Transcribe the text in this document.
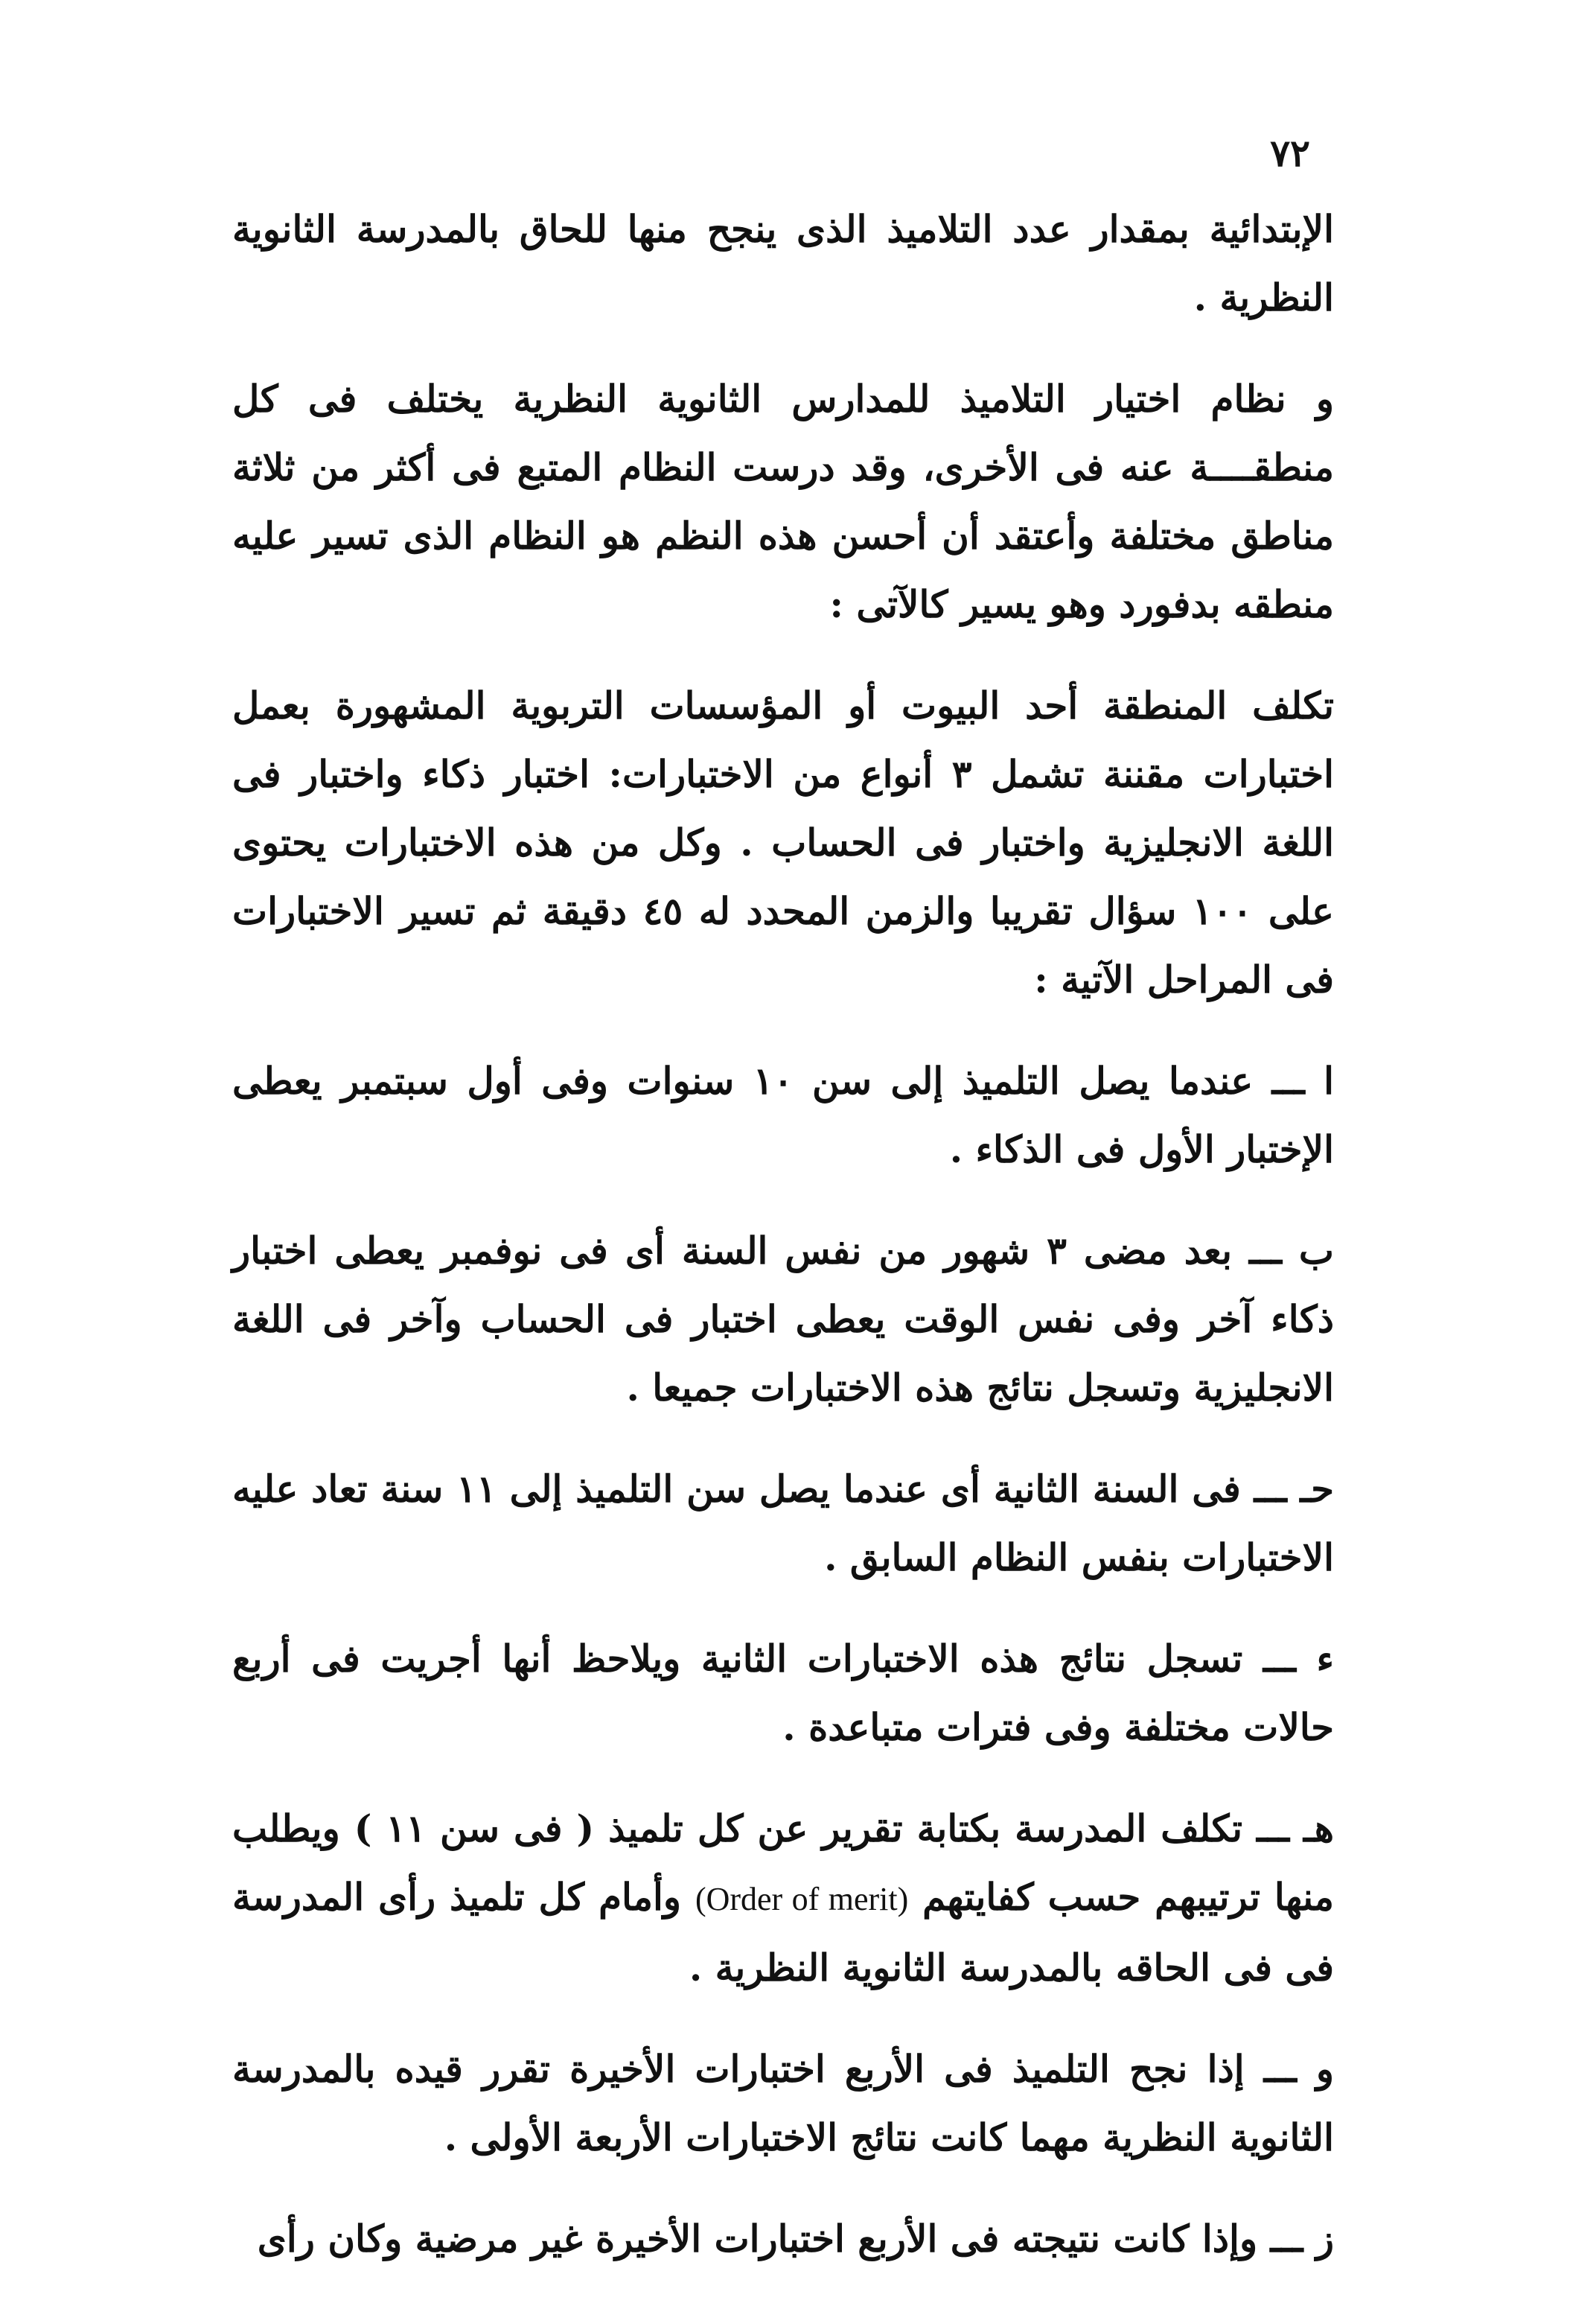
٧٢

الإبتدائية بمقدار عدد التلاميذ الذى ينجح منها للحاق بالمدرسة الثانوية النظرية .

و نظام اختيار التلاميذ للمدارس الثانوية النظرية يختلف فى كل منطقــــة عنه فى الأخرى، وقد درست النظام المتبع فى أكثر من ثلاثة مناطق مختلفة وأعتقد أن أحسن هذه النظم هو النظام الذى تسير عليه منطقه بدفورد وهو يسير كالآتى :

تكلف المنطقة أحد البيوت أو المؤسسات التربوية المشهورة بعمل اختبارات مقننة تشمل ٣ أنواع من الاختبارات: اختبار ذكاء واختبار فى اللغة الانجليزية واختبار فى الحساب . وكل من هذه الاختبارات يحتوى على ١٠٠ سؤال تقريبا والزمن المحدد له ٤٥ دقيقة ثم تسير الاختبارات فى المراحل الآتية :

ا ـــ عندما يصل التلميذ إلى سن ١٠ سنوات وفى أول سبتمبر يعطى الإختبار الأول فى الذكاء .

ب ـــ بعد مضى ٣ شهور من نفس السنة أى فى نوفمبر يعطى اختبار ذكاء آخر وفى نفس الوقت يعطى اختبار فى الحساب وآخر فى اللغة الانجليزية وتسجل نتائج هذه الاختبارات جميعا .

حـ ـــ فى السنة الثانية أى عندما يصل سن التلميذ إلى ١١ سنة تعاد عليه الاختبارات بنفس النظام السابق .

ء ـــ تسجل نتائج هذه الاختبارات الثانية ويلاحظ أنها أجريت فى أربع حالات مختلفة وفى فترات متباعدة .

هـ ـــ تكلف المدرسة بكتابة تقرير عن كل تلميذ ( فى سن ١١ ) ويطلب منها ترتيبهم حسب كفايتهم (Order of merit) وأمام كل تلميذ رأى المدرسة فى فى الحاقه بالمدرسة الثانوية النظرية .

و ـــ إذا نجح التلميذ فى الأربع اختبارات الأخيرة تقرر قيده بالمدرسة الثانوية النظرية مهما كانت نتائج الاختبارات الأربعة الأولى .

ز ـــ وإذا كانت نتيجته فى الأربع اختبارات الأخيرة غير مرضية وكان رأى
